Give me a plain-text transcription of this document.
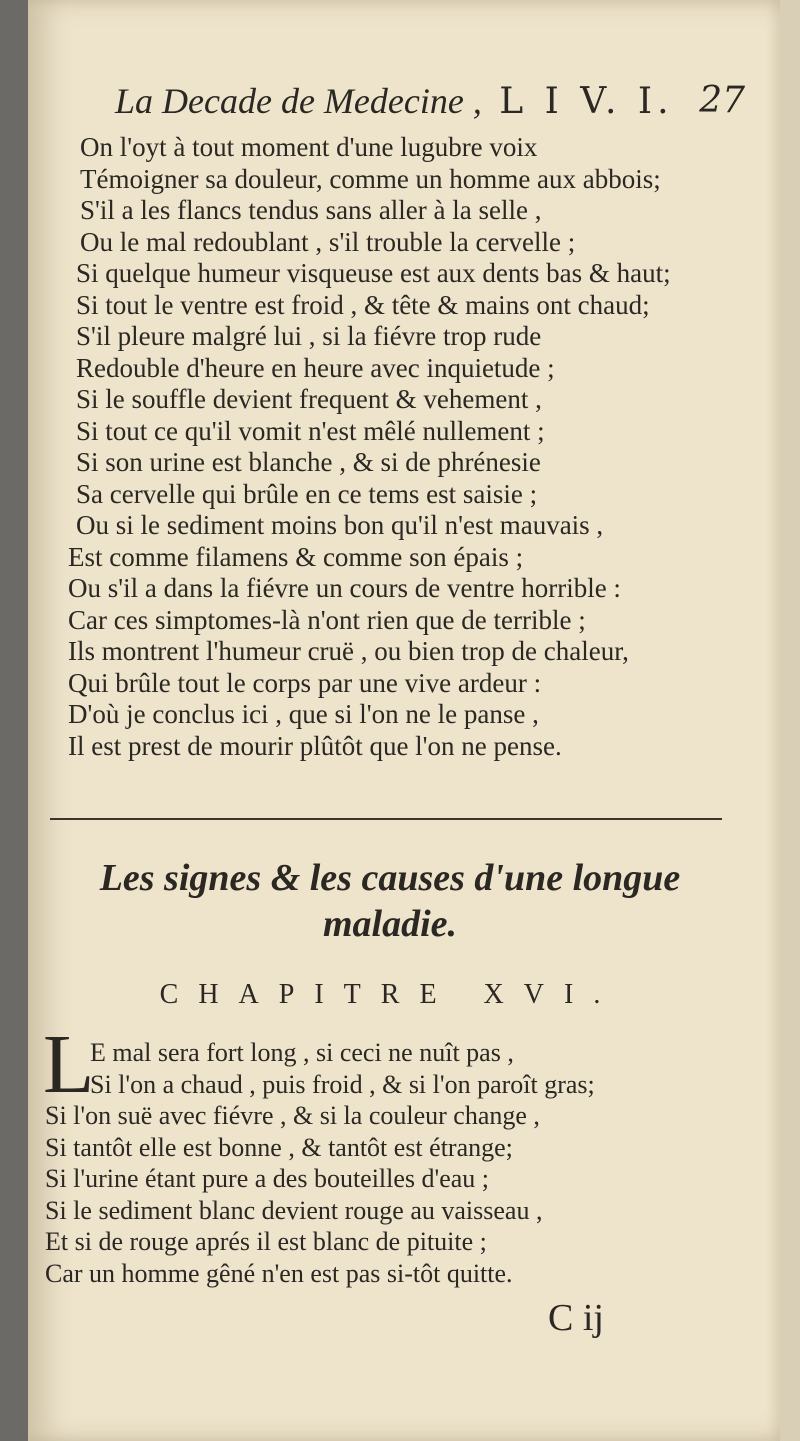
La Decade de Medecine , L I V. I. 27
On l'oyt à tout moment d'une lugubre voix
Témoigner sa douleur, comme un homme aux abbois;
S'il a les flancs tendus sans aller à la selle ,
Ou le mal redoublant , s'il trouble la cervelle ;
Si quelque humeur visqueuse est aux dents bas & haut;
Si tout le ventre est froid , & tête & mains ont chaud;
S'il pleure malgré lui , si la fiévre trop rude
Redouble d'heure en heure avec inquietude ;
Si le souffle devient frequent & vehement ,
Si tout ce qu'il vomit n'est mêlé nullement ;
Si son urine est blanche , & si de phrénesie
Sa cervelle qui brûle en ce tems est saisie ;
Ou si le sediment moins bon qu'il n'est mauvais ,
Est comme filamens & comme son épais ;
Ou s'il a dans la fiévre un cours de ventre horrible :
Car ces simptomes-là n'ont rien que de terrible ;
Ils montrent l'humeur cruë , ou bien trop de chaleur,
Qui brûle tout le corps par une vive ardeur :
D'où je conclus ici , que si l'on ne le panse ,
Il est prest de mourir plûtôt que l'on ne pense.
Les signes & les causes d'une longue
maladie.
CHAPITRE XVI.
L
E mal sera fort long , si ceci ne nuît pas ,
Si l'on a chaud , puis froid , & si l'on paroît gras;
Si l'on suë avec fiévre , & si la couleur change ,
Si tantôt elle est bonne , & tantôt est étrange;
Si l'urine étant pure a des bouteilles d'eau ;
Si le sediment blanc devient rouge au vaisseau ,
Et si de rouge aprés il est blanc de pituite ;
Car un homme gêné n'en est pas si-tôt quitte.
C ij
